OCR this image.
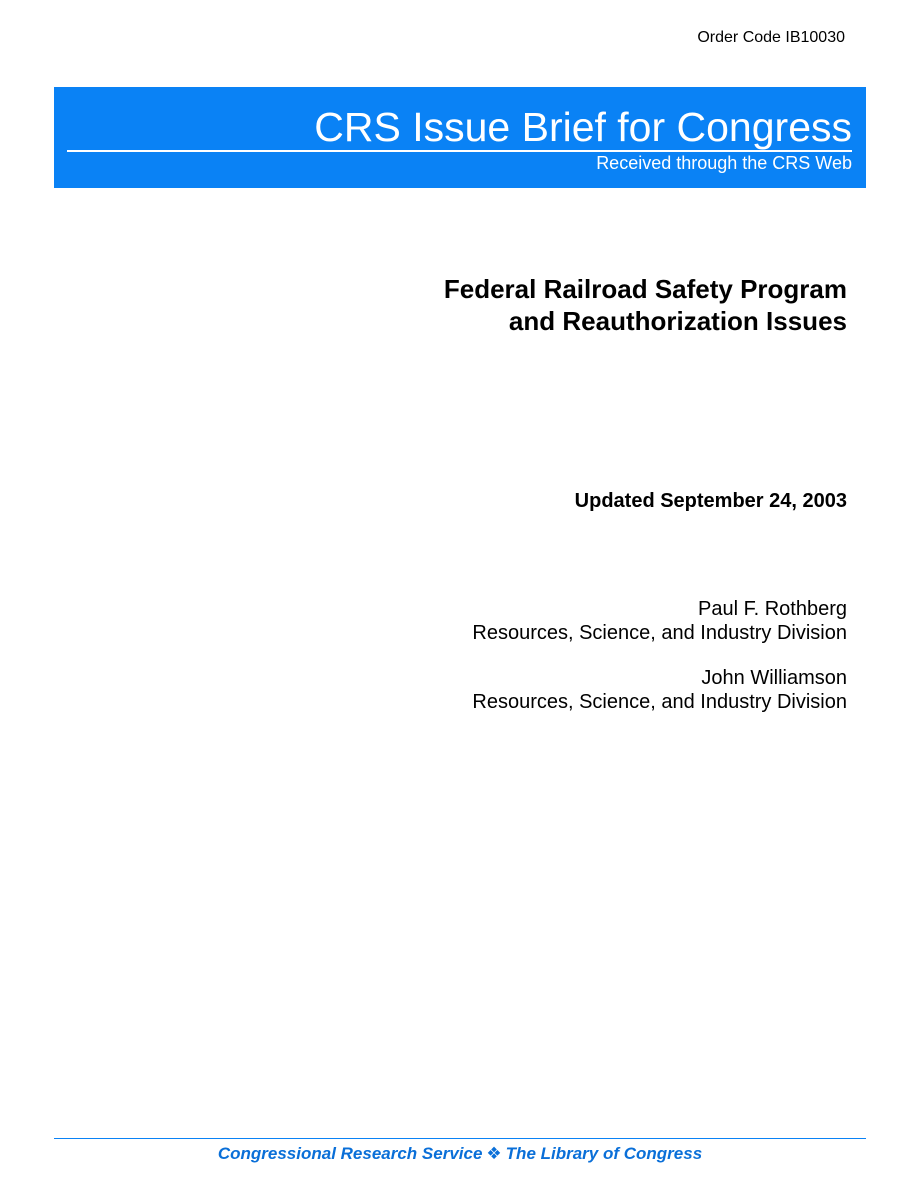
Order Code IB10030
CRS Issue Brief for Congress
Received through the CRS Web
Federal Railroad Safety Program
and Reauthorization Issues
Updated September 24, 2003
Paul F. Rothberg
Resources, Science, and Industry Division
John Williamson
Resources, Science, and Industry Division
Congressional Research Service ❖ The Library of Congress
